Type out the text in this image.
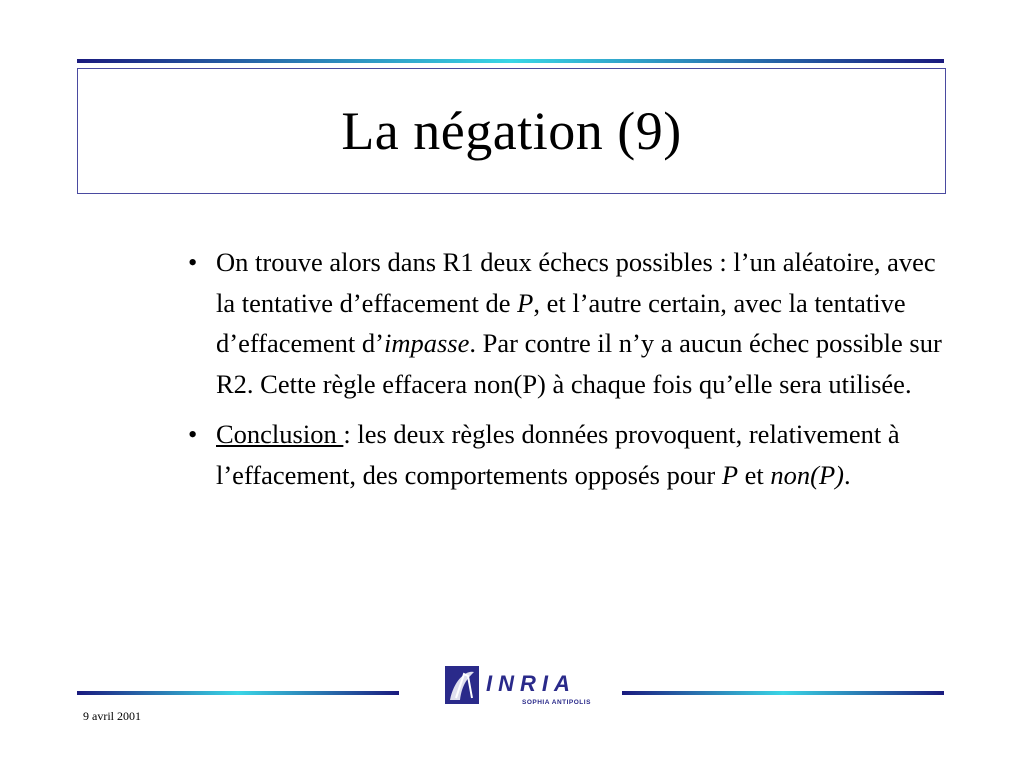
La négation (9)
• On trouve alors dans R1 deux échecs possibles : l’un aléatoire, avec la tentative d’effacement de P, et l’autre certain, avec la tentative d’effacement d’impasse. Par contre il n’y a aucun échec possible sur R2. Cette règle effacera non(P) à chaque fois qu’elle sera utilisée.
• Conclusion : les deux règles données provoquent, relativement à l’effacement, des comportements opposés pour P et non(P).
INRIA
SOPHIA ANTIPOLIS
9 avril 2001
